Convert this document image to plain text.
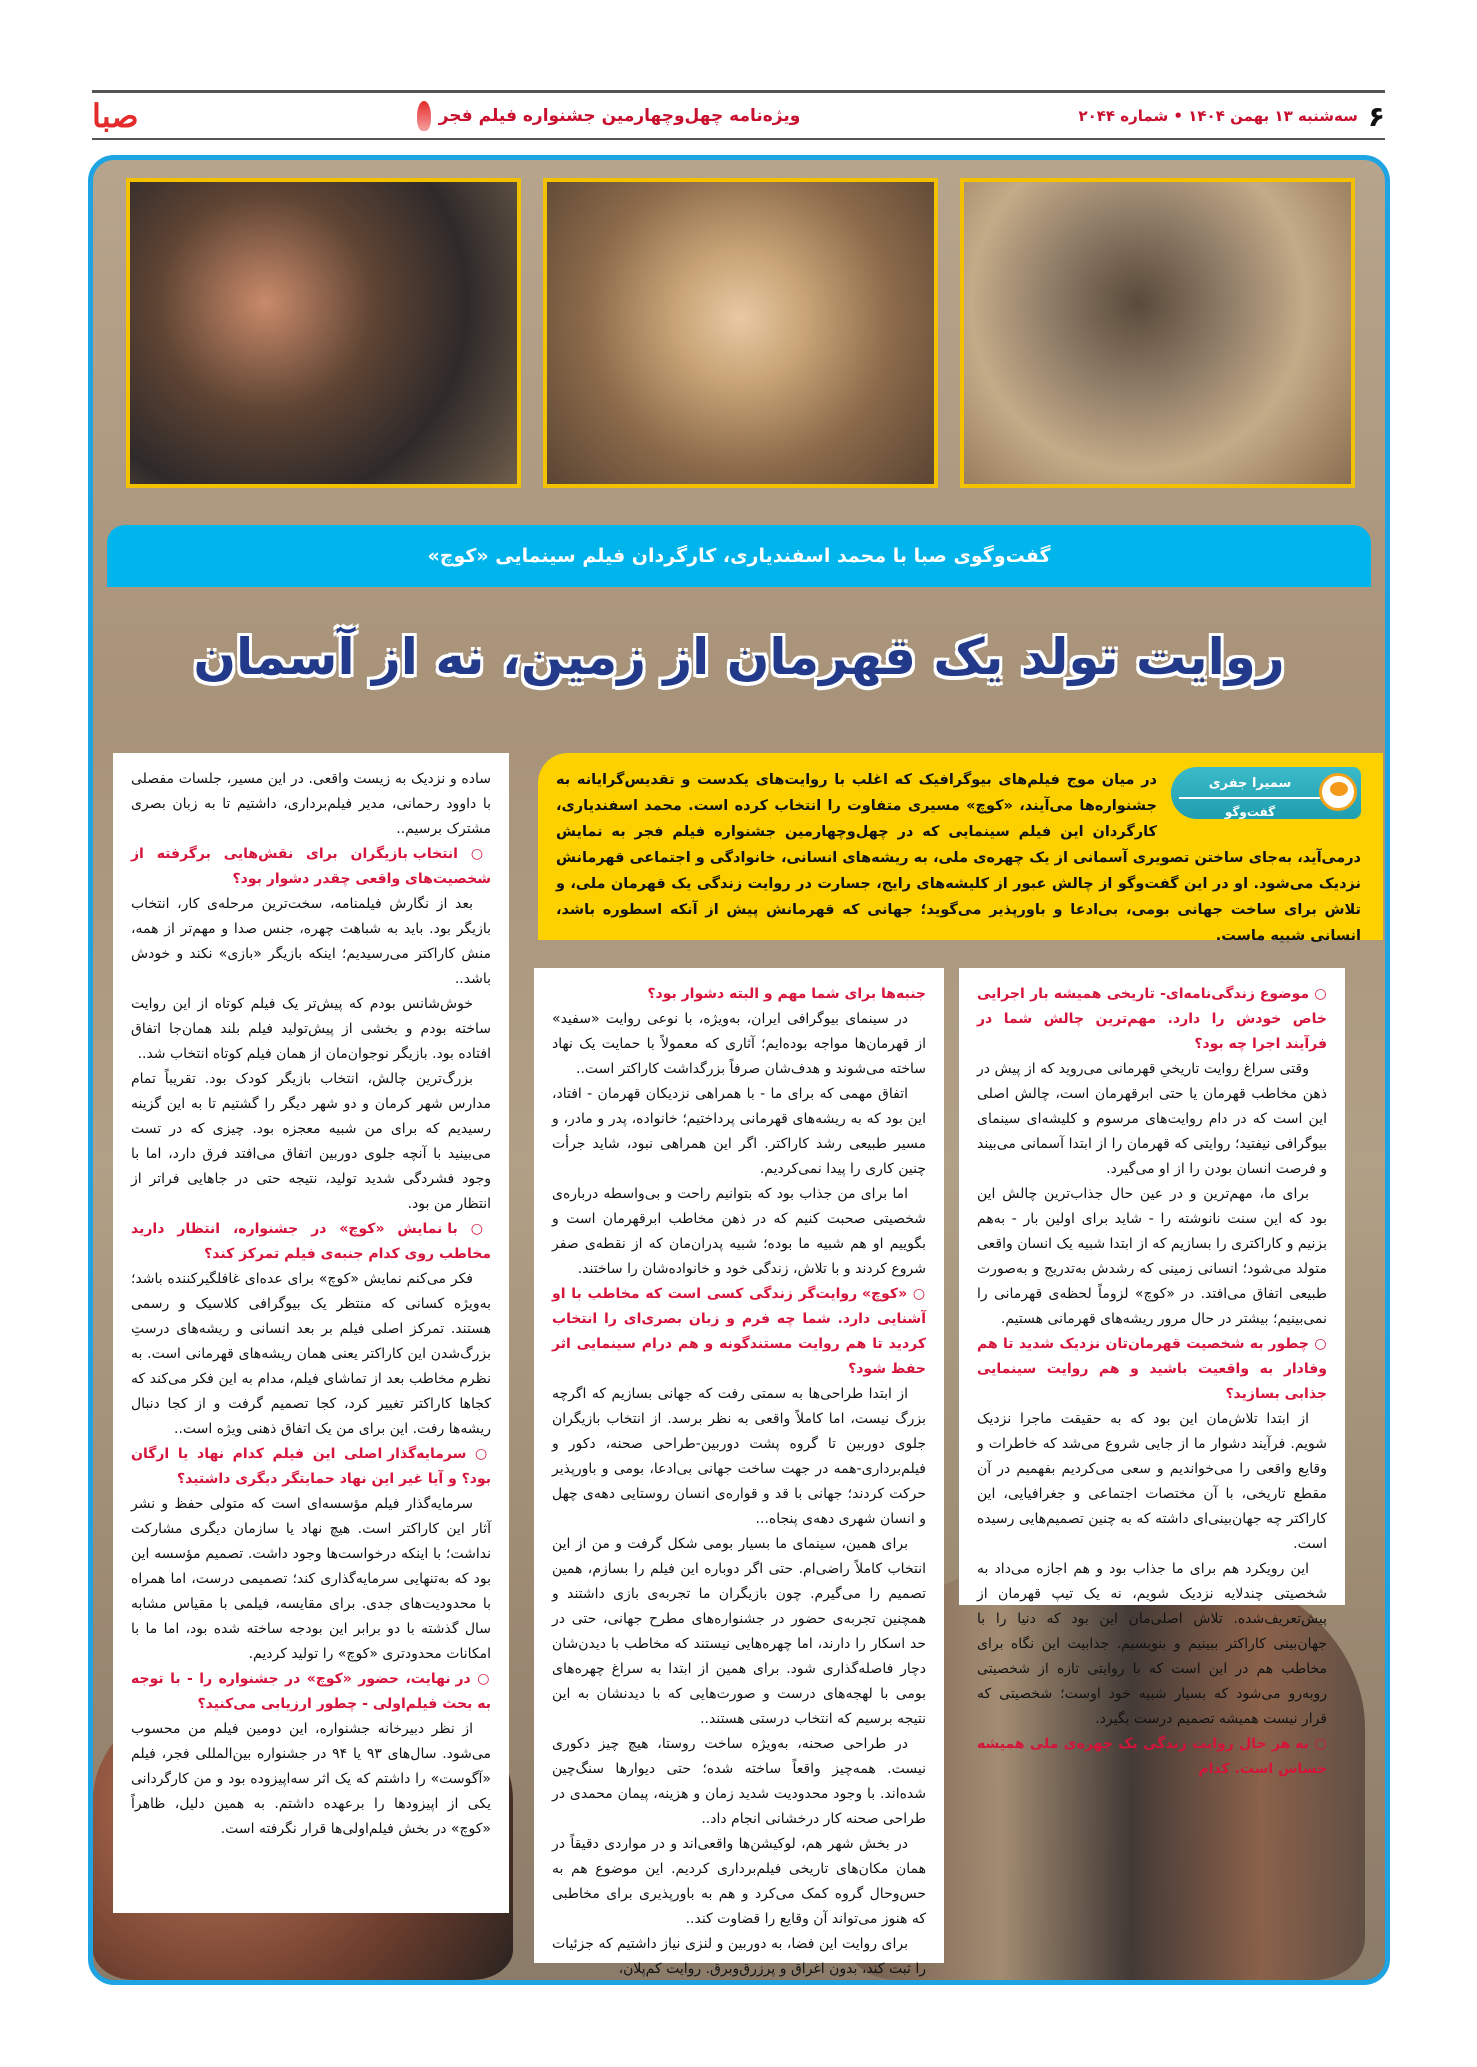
۶
سه‌شنبه ۱۳ بهمن ۱۴۰۴ • شماره ۲۰۴۴
ویژه‌نامه چهل‌وچهارمین جشنواره فیلم فجر
صبا
گفت‌وگوی صبا با محمد اسفندیاری، کارگردان فیلم سینمایی «کوچ»
روایت تولد یک قهرمان از زمین، نه از آسمان
سمیرا جفری
گفت‌وگو
در میان موج فیلم‌های بیوگرافیک که اغلب با روایت‌های یکدست و تقدیس‌گرایانه به جشنواره‌ها می‌آیند، «کوچ» مسیری متفاوت را انتخاب کرده است. محمد اسفندیاری، کارگردان این فیلم سینمایی که در چهل‌وچهارمین جشنواره فیلم فجر به نمایش درمی‌آید، به‌جای ساختن تصویری آسمانی از یک چهره‌ی ملی، به ریشه‌های انسانی، خانوادگی و اجتماعی قهرمانش نزدیک می‌شود. او در این گفت‌وگو از چالش عبور از کلیشه‌های رایج، جسارت در روایت زندگی یک قهرمان ملی، و تلاش برای ساخت جهانی بومی، بی‌ادعا و باورپذیر می‌گوید؛ جهانی که قهرمانش پیش از آنکه اسطوره باشد، انسانی شبیه ماست.

○ موضوع زندگی‌نامه‌ای- تاریخی همیشه بار اجرایی خاص خودش را دارد. مهم‌ترین چالش شما در فرآیند اجرا چه بود؟

وقتی سراغ روایت تاریخیِ قهرمانی می‌روید که از پیش در ذهن مخاطب قهرمان یا حتی ابرقهرمان است، چالش اصلی این است که در دام روایت‌های مرسوم و کلیشه‌ای سینمای بیوگرافی نیفتید؛ روایتی که قهرمان را از ابتدا آسمانی می‌بیند و فرصت انسان بودن را از او می‌گیرد.

برای ما، مهم‌ترین و در عین حال جذاب‌ترین چالش این بود که این سنت نانوشته را - شاید برای اولین بار - به‌هم بزنیم و کاراکتری را بسازیم که از ابتدا شبیه یک انسان واقعی متولد می‌شود؛ انسانی زمینی که رشدش به‌تدریج و به‌صورت طبیعی اتفاق می‌افتد. در «کوچ» لزوماً لحظه‌ی قهرمانی را نمی‌بینیم؛ بیشتر در حال مرور ریشه‌های قهرمانی هستیم.

○ چطور به شخصیت قهرمان‌تان نزدیک شدید تا هم وفادار به واقعیت باشید و هم روایت سینمایی جذابی بسازید؟

از ابتدا تلاش‌مان این بود که به حقیقت ماجرا نزدیک شویم. فرآیند دشوار ما از جایی شروع می‌شد که خاطرات و وقایع واقعی را می‌خواندیم و سعی می‌کردیم بفهمیم در آن مقطع تاریخی، با آن مختصات اجتماعی و جغرافیایی، این کاراکتر چه جهان‌بینی‌ای داشته که به چنین تصمیم‌هایی رسیده است.

این رویکرد هم برای ما جذاب بود و هم اجازه می‌داد به شخصیتی چندلایه نزدیک شویم، نه یک تیپ قهرمان از پیش‌تعریف‌شده. تلاش اصلی‌مان این بود که دنیا را با جهان‌بینی کاراکتر ببینیم و بنویسیم. جذابیت این نگاه برای مخاطب هم در این است که با روایتی تازه از شخصیتی روبه‌رو می‌شود که بسیار شبیه خود اوست؛ شخصیتی که قرار نیست همیشه تصمیم درست بگیرد.

○ به هر حال روایت زندگی یک چهره‌ی ملی همیشه حساس است. کدام

جنبه‌ها برای شما مهم و البته دشوار بود؟

در سینمای بیوگرافی ایران، به‌ویژه، با نوعی روایت «سفید» از قهرمان‌ها مواجه بوده‌ایم؛ آثاری که معمولاً با حمایت یک نهاد ساخته می‌شوند و هدف‌شان صرفاً بزرگداشت کاراکتر است..

اتفاق مهمی که برای ما - با همراهی نزدیکان قهرمان - افتاد، این بود که به ریشه‌های قهرمانی پرداختیم؛ خانواده، پدر و مادر، و مسیر طبیعی رشد کاراکتر. اگر این همراهی نبود، شاید جرأت چنین کاری را پیدا نمی‌کردیم.

اما برای من جذاب بود که بتوانیم راحت و بی‌واسطه درباره‌ی شخصیتی صحبت کنیم که در ذهن مخاطب ابرقهرمان است و بگوییم او هم شبیه ما بوده؛ شبیه پدران‌مان که از نقطه‌ی صفر شروع کردند و با تلاش، زندگی خود و خانواده‌شان را ساختند.

○ «کوچ» روایت‌گر زندگی کسی است که مخاطب با او آشنایی دارد. شما چه فرم و زبان بصری‌ای را انتخاب کردید تا هم روایت مستندگونه و هم درام سینمایی اثر حفظ شود؟

از ابتدا طراحی‌ها به سمتی رفت که جهانی بسازیم که اگرچه بزرگ نیست، اما کاملاً واقعی به نظر برسد. از انتخاب بازیگران جلوی دوربین تا گروه پشت دوربین-طراحی صحنه، دکور و فیلم‌برداری-همه در جهت ساخت جهانی بی‌ادعا، بومی و باورپذیر حرکت کردند؛ جهانی با قد و قواره‌ی انسان روستایی دهه‌ی چهل و انسان شهری دهه‌ی پنجاه...

برای همین، سینمای ما بسیار بومی شکل گرفت و من از این انتخاب کاملاً راضی‌ام. حتی اگر دوباره این فیلم را بسازم، همین تصمیم را می‌گیرم. چون بازیگران ما تجربه‌ی بازی داشتند و همچنین تجربه‌ی حضور در جشنواره‌های مطرح جهانی، حتی در حد اسکار را دارند، اما چهره‌هایی نیستند که مخاطب با دیدن‌شان دچار فاصله‌گذاری شود. برای همین از ابتدا به سراغ چهره‌های بومی با لهجه‌های درست و صورت‌هایی که با دیدنشان به این نتیجه برسیم که انتخاب درستی هستند..

در طراحی صحنه، به‌ویژه ساخت روستا، هیچ چیز دکوری نیست. همه‌چیز واقعاً ساخته شده؛ حتی دیوارها سنگ‌چین شده‌اند. با وجود محدودیت شدید زمان و هزینه، پیمان محمدی در طراحی صحنه کار درخشانی انجام داد..

در بخش شهر هم، لوکیشن‌ها واقعی‌اند و در مواردی دقیقاً در همان مکان‌های تاریخی فیلم‌برداری کردیم. این موضوع هم به حس‌وحال گروه کمک می‌کرد و هم به باورپذیری برای مخاطبی که هنوز می‌تواند آن وقایع را قضاوت کند..

برای روایت این فضا، به دوربین و لنزی نیاز داشتیم که جزئیات را ثبت کند، بدون اغراق و پرزرق‌وبرق. روایت کم‌پلان،

ساده و نزدیک به زیست واقعی. در این مسیر، جلسات مفصلی با داوود رحمانی، مدیر فیلم‌برداری، داشتیم تا به زبان بصری مشترک برسیم..

○ انتخاب بازیگران برای نقش‌هایی برگرفته از شخصیت‌های واقعی چقدر دشوار بود؟

بعد از نگارش فیلمنامه، سخت‌ترین مرحله‌ی کار، انتخاب بازیگر بود. باید به شباهت چهره، جنس صدا و مهم‌تر از همه، منش کاراکتر می‌رسیدیم؛ اینکه بازیگر «بازی» نکند و خودش باشد..

خوش‌شانس بودم که پیش‌تر یک فیلم کوتاه از این روایت ساخته بودم و بخشی از پیش‌تولید فیلم بلند همان‌جا اتفاق افتاده بود. بازیگر نوجوان‌مان از همان فیلم کوتاه انتخاب شد..

بزرگ‌ترین چالش، انتخاب بازیگر کودک بود. تقریباً تمام مدارس شهر کرمان و دو شهر دیگر را گشتیم تا به این گزینه رسیدیم که برای من شبیه معجزه بود. چیزی که در تست می‌بینید با آنچه جلوی دوربین اتفاق می‌افتد فرق دارد، اما با وجود فشردگی شدید تولید، نتیجه حتی در جاهایی فراتر از انتظار من بود.

○ با نمایش «کوچ» در جشنواره، انتظار دارید مخاطب روی کدام جنبه‌ی فیلم تمرکز کند؟

فکر می‌کنم نمایش «کوچ» برای عده‌ای غافلگیرکننده باشد؛ به‌ویژه کسانی که منتظر یک بیوگرافی کلاسیک و رسمی هستند. تمرکز اصلی فیلم بر بعد انسانی و ریشه‌های درستِ بزرگ‌شدن این کاراکتر یعنی همان ریشه‌های قهرمانی است. به نظرم مخاطب بعد از تماشای فیلم، مدام به این فکر می‌کند که کجاها کاراکتر تغییر کرد، کجا تصمیم گرفت و از کجا دنبال ریشه‌ها رفت. این برای من یک اتفاق ذهنی ویژه است..

○ سرمایه‌گذار اصلی این فیلم کدام نهاد یا ارگان بود؟ و آیا غیر این نهاد حمایتگر دیگری داشتید؟

سرمایه‌گذار فیلم مؤسسه‌ای است که متولی حفظ و نشر آثار این کاراکتر است. هیچ نهاد یا سازمان دیگری مشارکت نداشت؛ با اینکه درخواست‌ها وجود داشت. تصمیم مؤسسه این بود که به‌تنهایی سرمایه‌گذاری کند؛ تصمیمی درست، اما همراه با محدودیت‌های جدی. برای مقایسه، فیلمی با مقیاس مشابه سال گذشته با دو برابر این بودجه ساخته شده بود، اما ما با امکانات محدودتری «کوچ» را تولید کردیم.

○ در نهایت، حضور «کوچ» در جشنواره را - با توجه به بحث فیلم‌اولی - چطور ارزیابی می‌کنید؟

از نظر دبیرخانه جشنواره، این دومین فیلم من محسوب می‌شود. سال‌های ۹۳ یا ۹۴ در جشنواره بین‌المللی فجر، فیلم «آگوست» را داشتم که یک اثر سه‌اپیزوده بود و من کارگردانی یکی از اپیزودها را برعهده داشتم. به همین دلیل، ظاهراً «کوچ» در بخش فیلم‌اولی‌ها قرار نگرفته است.
